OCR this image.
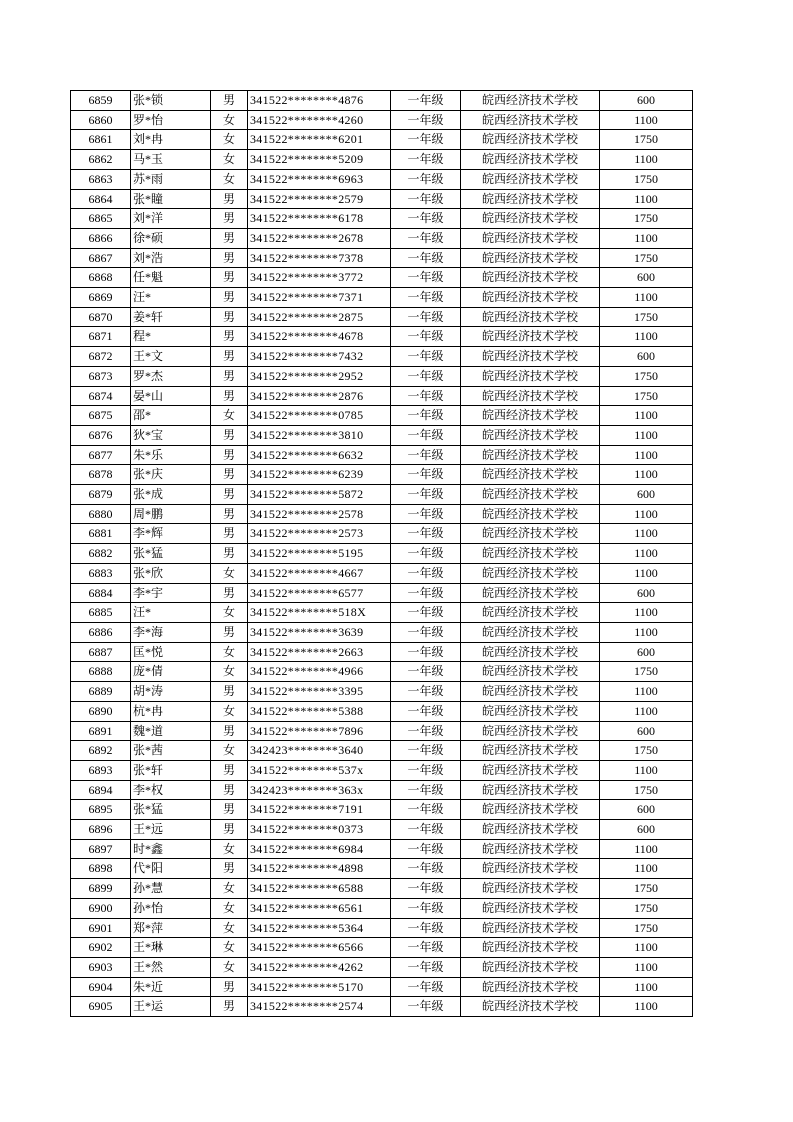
6859	张*锁	男	341522********4876	一年级	皖西经济技术学校	600
6860	罗*怡	女	341522********4260	一年级	皖西经济技术学校	1100
6861	刘*冉	女	341522********6201	一年级	皖西经济技术学校	1750
6862	马*玉	女	341522********5209	一年级	皖西经济技术学校	1100
6863	苏*雨	女	341522********6963	一年级	皖西经济技术学校	1750
6864	张*瞳	男	341522********2579	一年级	皖西经济技术学校	1100
6865	刘*洋	男	341522********6178	一年级	皖西经济技术学校	1750
6866	徐*硕	男	341522********2678	一年级	皖西经济技术学校	1100
6867	刘*浩	男	341522********7378	一年级	皖西经济技术学校	1750
6868	任*魁	男	341522********3772	一年级	皖西经济技术学校	600
6869	汪*	男	341522********7371	一年级	皖西经济技术学校	1100
6870	姜*轩	男	341522********2875	一年级	皖西经济技术学校	1750
6871	程*	男	341522********4678	一年级	皖西经济技术学校	1100
6872	王*文	男	341522********7432	一年级	皖西经济技术学校	600
6873	罗*杰	男	341522********2952	一年级	皖西经济技术学校	1750
6874	晏*山	男	341522********2876	一年级	皖西经济技术学校	1750
6875	邵*	女	341522********0785	一年级	皖西经济技术学校	1100
6876	狄*宝	男	341522********3810	一年级	皖西经济技术学校	1100
6877	朱*乐	男	341522********6632	一年级	皖西经济技术学校	1100
6878	张*庆	男	341522********6239	一年级	皖西经济技术学校	1100
6879	张*成	男	341522********5872	一年级	皖西经济技术学校	600
6880	周*鹏	男	341522********2578	一年级	皖西经济技术学校	1100
6881	李*辉	男	341522********2573	一年级	皖西经济技术学校	1100
6882	张*猛	男	341522********5195	一年级	皖西经济技术学校	1100
6883	张*欣	女	341522********4667	一年级	皖西经济技术学校	1100
6884	李*宇	男	341522********6577	一年级	皖西经济技术学校	600
6885	汪*	女	341522********518X	一年级	皖西经济技术学校	1100
6886	李*海	男	341522********3639	一年级	皖西经济技术学校	1100
6887	匡*悦	女	341522********2663	一年级	皖西经济技术学校	600
6888	庞*倩	女	341522********4966	一年级	皖西经济技术学校	1750
6889	胡*涛	男	341522********3395	一年级	皖西经济技术学校	1100
6890	杭*冉	女	341522********5388	一年级	皖西经济技术学校	1100
6891	魏*道	男	341522********7896	一年级	皖西经济技术学校	600
6892	张*茜	女	342423********3640	一年级	皖西经济技术学校	1750
6893	张*轩	男	341522********537x	一年级	皖西经济技术学校	1100
6894	李*权	男	342423********363x	一年级	皖西经济技术学校	1750
6895	张*猛	男	341522********7191	一年级	皖西经济技术学校	600
6896	王*远	男	341522********0373	一年级	皖西经济技术学校	600
6897	时*鑫	女	341522********6984	一年级	皖西经济技术学校	1100
6898	代*阳	男	341522********4898	一年级	皖西经济技术学校	1100
6899	孙*慧	女	341522********6588	一年级	皖西经济技术学校	1750
6900	孙*怡	女	341522********6561	一年级	皖西经济技术学校	1750
6901	郑*萍	女	341522********5364	一年级	皖西经济技术学校	1750
6902	王*琳	女	341522********6566	一年级	皖西经济技术学校	1100
6903	王*然	女	341522********4262	一年级	皖西经济技术学校	1100
6904	朱*近	男	341522********5170	一年级	皖西经济技术学校	1100
6905	王*运	男	341522********2574	一年级	皖西经济技术学校	1100
